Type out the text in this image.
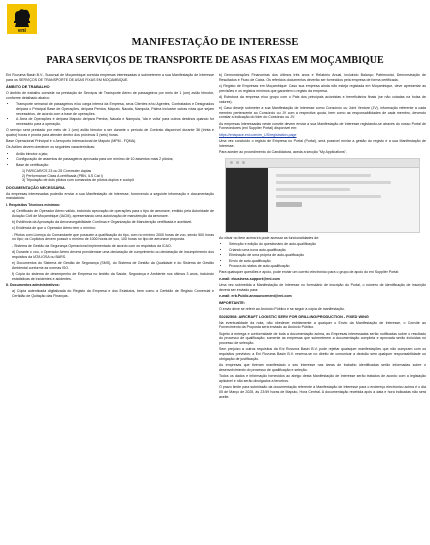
eni
MANIFESTAÇÃO DE INTERESSE
PARA SERVIÇOS DE TRANSPORTE DE ASAS FIXAS EM MOÇAMBIQUE

Eni Rovuma Basin B.V., Sucursal de Moçambique convida empresas interessadas a submeterem a sua Manifestação de Interesse para os SERVIÇOS DE TRANSPORTE DE ASAS FIXAS EM MOÇAMBIQUE.

ÂMBITO DE TRABALHO

O âmbito de trabalho consiste na prestação de Serviços de Transporte Aéreo de passageiros por meio de 1 (um) avião bimotor, conforme detalhado abaixo:

• Transporte semanal de passageiros e/ou carga interna da Empresa, seus Clientes e/ou Agentes, Contratados e Designados de/para o Principal Base de Operações, de/para Pemba, Maputo, Nacala, Nampula, Palma inclusive outras rotas que sejam necessários, de acordo com a base de operações.
• A Área de Operações é de/para Maputo de/para Pemba, Nacala e Nampula, 'ida e volta' para outros destinos quando for necessário para a operação.

O serviço será prestado por meio de 1 (um) avião bimotor a ser durante o período de Contrato disponível durante 36 (trinta e quatro) horas e pronta para atender dentro dos próximos 3 (seis) horas.

Base Operacional Principal é o Aeroporto Internacional de Maputo (MPM - FQMA).

Os Aviões devem obedecer os seguintes características:

• Avião bimotor a jato;
• Configuração de assentos de passageiros aprovada para um mínimo de 10 assentos mais 2 pilotos;
• Base de certificação:
1) FAR/CAR/CS 23 ou 25 Commuter duplas
2) Performance Class A certificada (PBN, ILS Cat I)
3) Tripulação de dois pilotos com comandos de pilotos duplos e cockpit
DOCUMENTAÇÃO NECESSÁRIA

As empresas interessadas poderão enviar a sua Manifestação de Interesse, fornecendo a seguinte informação e documentação mandatória:

I. Requisitos Técnicos mínimos:

a) Certificado de Operador Aéreo válido, incluindo aprovação de operações para o tipo de aeronave, emitido pela Autoridade de Aviação Civil de Moçambique (IACM), apresentando uma autorização de manutenção da aeronave.

b) Evidência da Aprovação da Aeronavegabilidade Contínua e Organização de Manutenção certificada e aceitável.

c) Evidência de que o Operador Aéreo tem o mínimo:

- Pilotos com Licença do Comandante que possuem a qualificação do tipo, com no mínimo 2000 horas de voo, sendo 500 horas no tipo; os Copilotos devem possuir o mínimo de 1000 horas de voo, 100 horas no tipo de aeronave proposta.

- Sistema de Gestão da Segurança Operacional implementado de acordo com os requisitos da ICAO.

d) Durante o voo, o Operador Aéreo deverá providenciar uma declaração de cumprimento ou declaração de incumprimento dos requisitos da IATA IOSA ou BARS.

e) Documentos do Sistema de Gestão de Segurança (SMS), do Sistema de Gestão da Qualidade e do Sistema de Gestão Ambiental conforme as normas ISO.

f) Cópia do sistema de desempenho de Empresa no âmbito da Saúde, Segurança e Ambiente nos últimos 3 anos, incluindo estatísticas de incidentes e acidentes.

II. Documentos administrativos:

a) Cópia autenticada digitalizada do Registo da Empresa e dos Estatutos, bem como a Certidão de Registo Comercial e Certidão de Quitação das Finanças.

b) Demonstrações Financeiras dos últimos três anos e Relatório Anual, incluindo Balanço Patrimonial, Demonstração de Resultados e Fluxo de Caixa. Os referidos documentos deverão ser fornecidos pela empresa de forma certificada.

c) Registo de Empresas em Moçambique: Caso sua empresa ainda não esteja registada em Moçambique, deve apresentar as previsões e os registos mínimos que garantem o registo da empresa.

d) Estrutura da empresa e/ou grupo com o Pais dos principais acionistas e beneficiários finais (se não cotadas na bolsa de valores).

e) Caso deseje submeter a sua Manifestação de Interesse como Consórcio ou Joint Venture (JV), informação referente a cada membro pertencente ao Consórcio ou JV com a respectiva quota, bem como as responsabilidades de cada membro, devendo constar a indicação do líder do Consórcio ou JV.

As empresas interessadas neste convite devem enviar a sua Manifestação de Interesse registando-se através do nosso Portal de Fornecedores (eni Supplier Portal) disponível em:

https://enispace.eni.com/en_US/registration.page

Uma vez concluído o registo de Empresa no Portal (Portal), será possível enviar a gestão do registo e a sua Manifestação de Interesse.

Para aceder ao procedimento do Candidatura, aceda a secção "My Applications".

Ao clicar no item acima irá pode acessar as funcionalidades de:

• Selecção e edição do questionário de auto-qualificação
• Criando uma nova auto-qualificação
• Eliminação de uma própria de auto-qualificação
• Envio de auto-qualificação
• Procura do status de auto-qualificação

Para quaisquer questões e apoio, pode enviar um correio electrónico para o grupo de apoio do eni Supplier Portal:

e-mail: ebusiness.support@eni.com

Uma vez submetida a Manifestação de Interesse no formulário de inscrição do Portal, o número de identificação de inscrição deverá ser enviado para:

e-mail: erb.Public.announcement@eni.com

IMPORTANTE:

O envio deve se referir ao Anúncio Público e se seguir a cópia de manifestação.

S0282508: AIRCRAFT LOGISTIC SERV FOR DRILLING/PRODUCTION - FIXED WING

Na eventualidade da nota, não obedecer estritamente a qualquer o Envio da Manifestação de Interesse, o Convite ao Fornecimento da Proposta será enviado ao Anúncio Público.

Sujeito à entrega e conformidade de toda a documentação acima, as Empresas interessadas serão notificadas sobre o resultado do processo de qualificação; somente as empresas que submeterem a documentação completa e aprovada serão incluídas no processo de selecção.

Sem prejuízo a outros requisitos da Eni Rovuma Basin B.V. pode rejeitar quaisquer manifestações que não cumpram com os requisitos previstos; a Eni Rovuma Basin B.V. reserva-se no direito de comunicar a decisão sem qualquer responsabilidade ou obrigação de justificação.

As empresas que tiveram manifestado o seu interesse nas áreas de trabalho identificadas serão informadas sobre o desenvolvimento do processo de qualificação e seleção.

Todos os dados e informação fornecidos ao abrigo desta Manifestação de Interesse serão tratados de acordo com a legislação aplicável e não serão divulgados a terceiros.

O prazo limite para submissão da documentação referente à Manifestação de Interesse para o endereço electrónico acima é o dia 05 de Março de 2025, às 23:59 horas de Maputo, Hora Central. A documentação recebida após a data e hora indicadas não será aceite.
